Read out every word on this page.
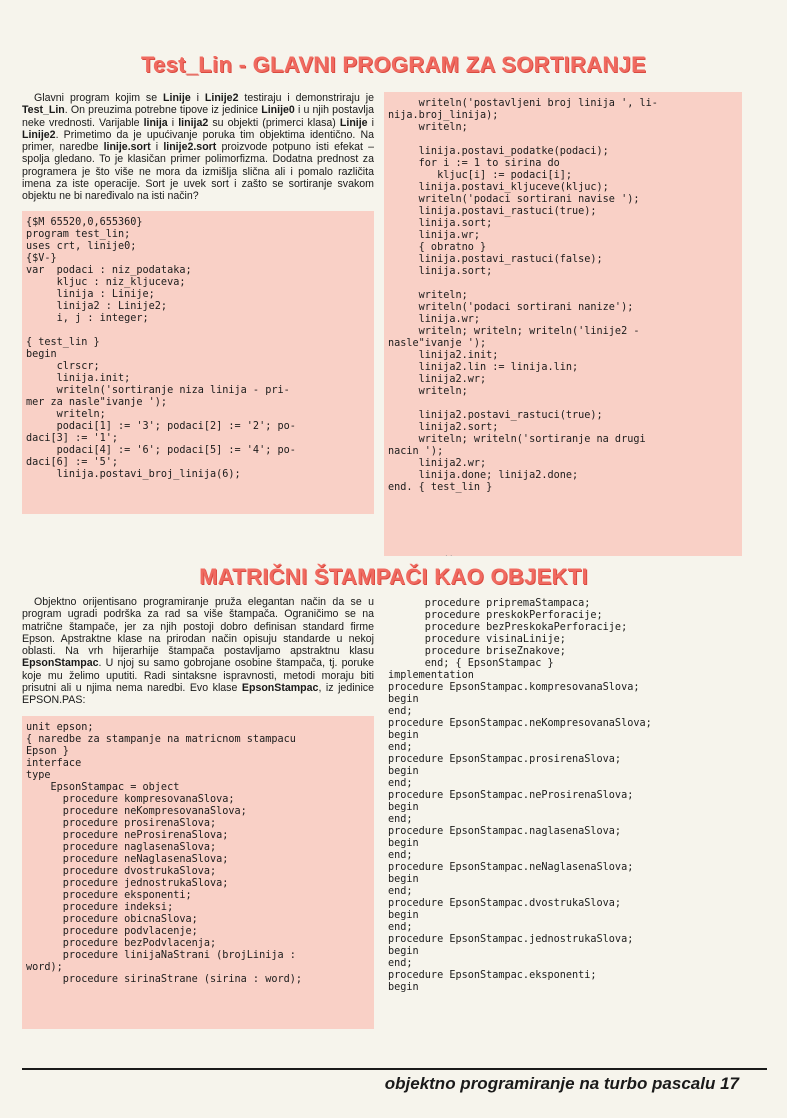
Test_Lin - GLAVNI PROGRAM ZA SORTIRANJE

Glavni program kojim se Linije i Linije2 testiraju i demonstriraju je Test_Lin. On preuzima potrebne tipove iz jedinice Linije0 i u njih postavlja neke vrednosti. Varijable linija i linija2 su objekti (primerci klasa) Linije i Linije2. Primetimo da je upućivanje poruka tim objektima identično. Na primer, naredbe linije.sort i linije2.sort proizvode potpuno isti efekat – spolja gledano. To je klasičan primer polimorfizma. Dodatna prednost za programera je što više ne mora da izmišlja slična ali i pomalo različita imena za iste operacije. Sort je uvek sort i zašto se sortiranje svakom objektu ne bi naređivalo na isti način?

{$M 65520,0,655360}
program test_lin;
uses crt, linije0;
{$V-}
var  podaci : niz_podataka;
kljuc : niz_kljuceva;
linija : Linije;
linija2 : Linije2;
i, j : integer;

{ test_lin }
begin
clrscr;
linija.init;
writeln('sortiranje niza linija - pri-
mer za nasle"ivanje ');
writeln;
podaci[1] := '3'; podaci[2] := '2'; po-
daci[3] := '1';
podaci[4] := '6'; podaci[5] := '4'; po-
daci[6] := '5';
linija.postavi_broj_linija(6);
writeln('postavljeni broj linija ', li-
nija.broj_linija);
writeln;

linija.postavi_podatke(podaci);
for i := 1 to sirina do
kljuc[i] := podaci[i];
linija.postavi_kljuceve(kljuc);
writeln('podaci sortirani navise ');
linija.postavi_rastuci(true);
linija.sort;
linija.wr;
{ obratno }
linija.postavi_rastuci(false);
linija.sort;

writeln;
writeln('podaci sortirani nanize');
linija.wr;
writeln; writeln; writeln('linije2 -
nasle"ivanje ');
linija2.init;
linija2.lin := linija.lin;
linija2.wr;
writeln;

linija2.postavi_rastuci(true);
linija2.sort;
writeln; writeln('sortiranje na drugi
nacin ');
linija2.wr;
linija.done; linija2.done;
end. { test_lin }
· ·
MATRIČNI ŠTAMPAČI KAO OBJEKTI

Objektno orijentisano programiranje pruža elegantan način da se u program ugradi podrška za rad sa više štampača. Ograničimo se na matrične štampače, jer za njih postoji dobro definisan standard firme Epson. Apstraktne klase na prirodan način opisuju standarde u nekoj oblasti. Na vrh hijerarhije štampača postavljamo apstraktnu klasu EpsonStampac. U njoj su samo gobrojane osobine štampača, tj. poruke koje mu želimo uputiti. Radi sintaksne ispravnosti, metodi moraju biti prisutni ali u njima nema naredbi. Evo klase EpsonStampac, iz jedinice EPSON.PAS:

unit epson;
{ naredbe za stampanje na matricnom stampacu
Epson }
interface
type
EpsonStampac = object
procedure kompresovanaSlova;
procedure neKompresovanaSlova;
procedure prosirenaSlova;
procedure neProsirenaSlova;
procedure naglasenaSlova;
procedure neNaglasenaSlova;
procedure dvostrukaSlova;
procedure jednostrukaSlova;
procedure eksponenti;
procedure indeksi;
procedure obicnaSlova;
procedure podvlacenje;
procedure bezPodvlacenja;
procedure linijaNaStrani (brojLinija :
word);
procedure sirinaStrane (sirina : word);
procedure pripremaStampaca;
procedure preskokPerforacije;
procedure bezPreskokaPerforacije;
procedure visinaLinije;
procedure briseZnakove;
end; { EpsonStampac }
implementation
procedure EpsonStampac.kompresovanaSlova;
begin
end;
procedure EpsonStampac.neKompresovanaSlova;
begin
end;
procedure EpsonStampac.prosirenaSlova;
begin
end;
procedure EpsonStampac.neProsirenaSlova;
begin
end;
procedure EpsonStampac.naglasenaSlova;
begin
end;
procedure EpsonStampac.neNaglasenaSlova;
begin
end;
procedure EpsonStampac.dvostrukaSlova;
begin
end;
procedure EpsonStampac.jednostrukaSlova;
begin
end;
procedure EpsonStampac.eksponenti;
begin
objektno programiranje na turbo pascalu 17
